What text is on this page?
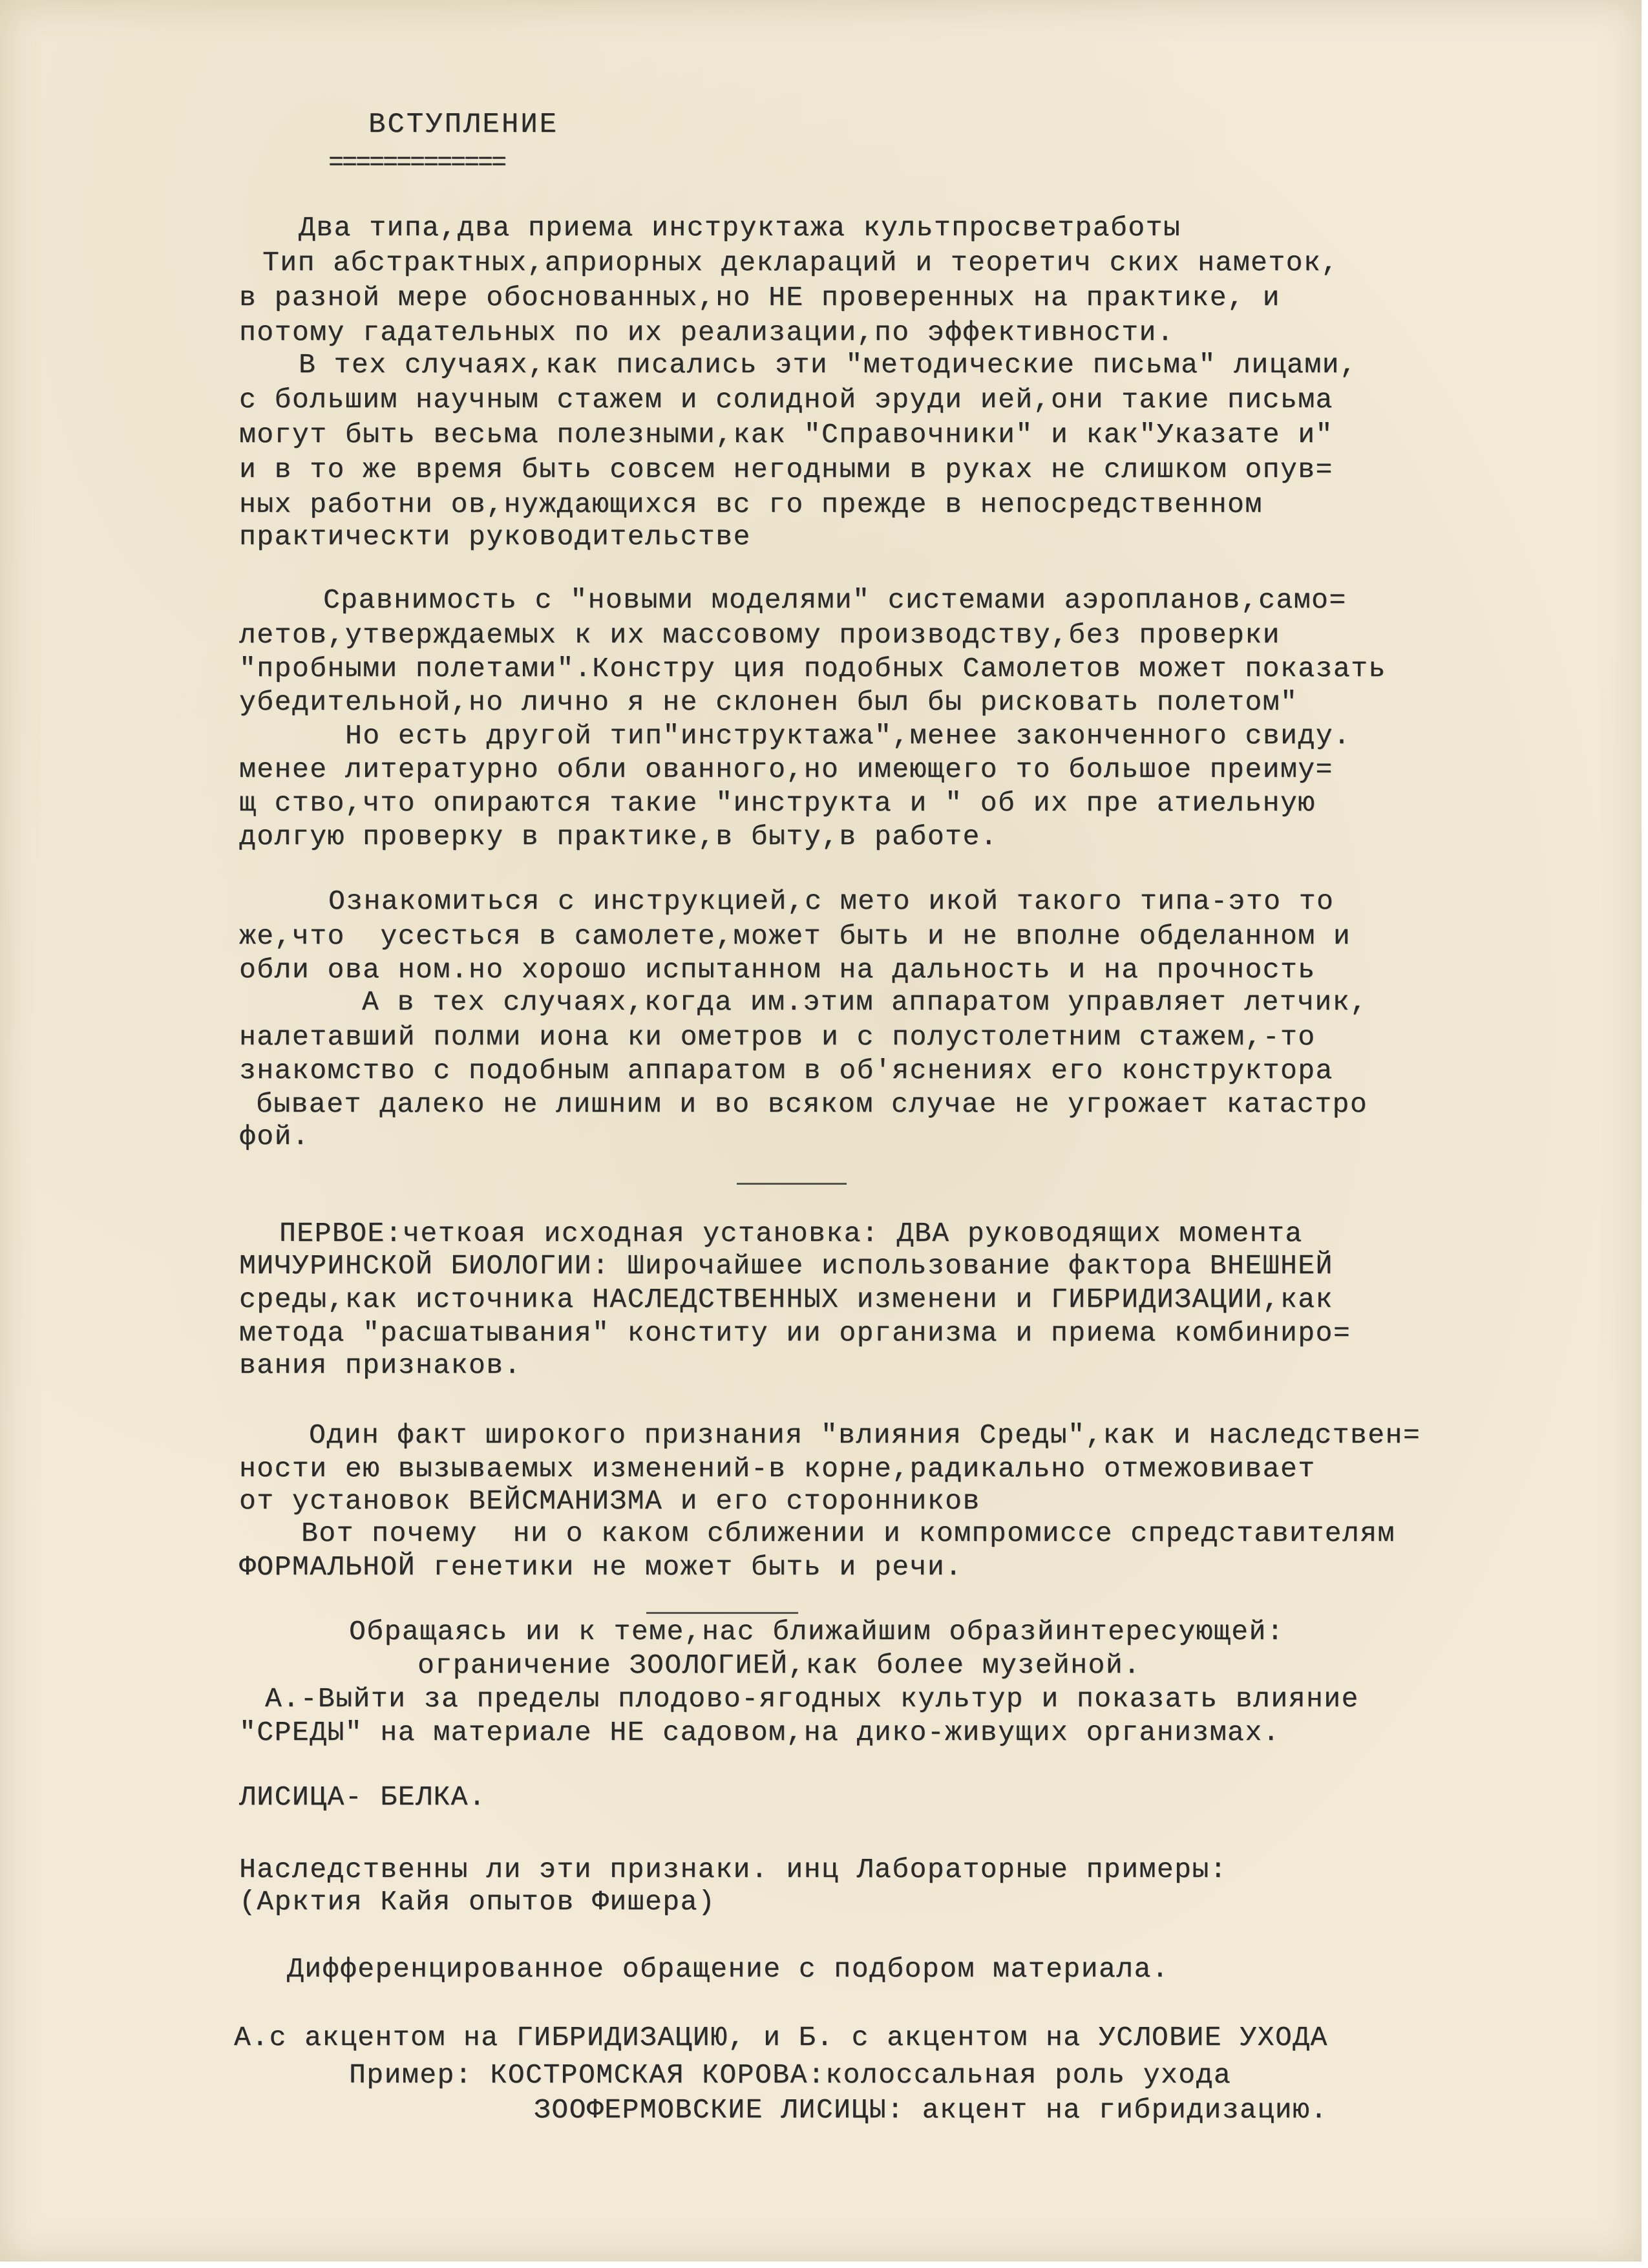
ВСТУПЛЕНИЕ
=============
Два типа,два приема инструктажа культпросветработы
Тип абстрактных,априорных деклараций и теоретич ских наметок,
в разной мере обоснованных,но НЕ проверенных на практике, и
потому гадательных по их реализации,по эффективности.
В тех случаях,как писались эти "методические письма" лицами,
с большим научным стажем и солидной эруди ией,они такие письма
могут быть весьма полезными,как "Справочники" и как"Указате и"
и в то же время быть совсем негодными в руках не слишком опув=
ных работни ов,нуждающихся вс го прежде в непосредственном
практическти руководительстве
Сравнимость с "новыми моделями" системами аэропланов,само=
летов,утверждаемых к их массовому производству,без проверки
"пробными полетами".Констру ция подобных Самолетов может показать
убедительной,но лично я не склонен был бы рисковать полетом"
Но есть другой тип"инструктажа",менее законченного свиду.
менее литературно обли ованного,но имеющего то большое преиму=
щ ство,что опираются такие "инструкта и " об их пре атиельную
долгую проверку в практике,в быту,в работе.
Ознакомиться с инструкцией,с мето икой такого типа-это то
же,что  усесться в самолете,может быть и не вполне обделанном и
обли ова ном.но хорошо испытанном на дальность и на прочность
А в тех случаях,когда им.этим аппаратом управляет летчик,
налетавший полми иона ки ометров и с полустолетним стажем,-то
знакомство с подобным аппаратом в об'яснениях его конструктора
бывает далеко не лишним и во всяком случае не угрожает катастро
фой.
ПЕРВОЕ:четкоая исходная установка: ДВА руководящих момента
МИЧУРИНСКОЙ БИОЛОГИИ: Широчайшее использование фактора ВНЕШНЕЙ
среды,как источника НАСЛЕДСТВЕННЫХ изменени и ГИБРИДИЗАЦИИ,как
метода "расшатывания" конститу ии организма и приема комбиниро=
вания признаков.
Один факт широкого признания "влияния Среды",как и наследствен=
ности ею вызываемых изменений-в корне,радикально отмежовивает
от установок ВЕЙСМАНИЗМА и его сторонников
Вот почему  ни о каком сближении и компромиссе спредставителям
ФОРМАЛЬНОЙ генетики не может быть и речи.
Обращаясь ии к теме,нас ближайшим образйинтересующей:
ограничение ЗООЛОГИЕЙ,как более музейной.
А.-Выйти за пределы плодово-ягодных культур и показать влияние
"СРЕДЫ" на материале НЕ садовом,на дико-живущих организмах.
ЛИСИЦА- БЕЛКА.
Наследственны ли эти признаки. инц Лабораторные примеры:
(Арктия Кайя опытов Фишера)
Дифференцированное обращение с подбором материала.
А.с акцентом на ГИБРИДИЗАЦИЮ, и Б. с акцентом на УСЛОВИЕ УХОДА
Пример: КОСТРОМСКАЯ КОРОВА:колоссальная роль ухода
ЗООФЕРМОВСКИЕ ЛИСИЦЫ: акцент на гибридизацию.
